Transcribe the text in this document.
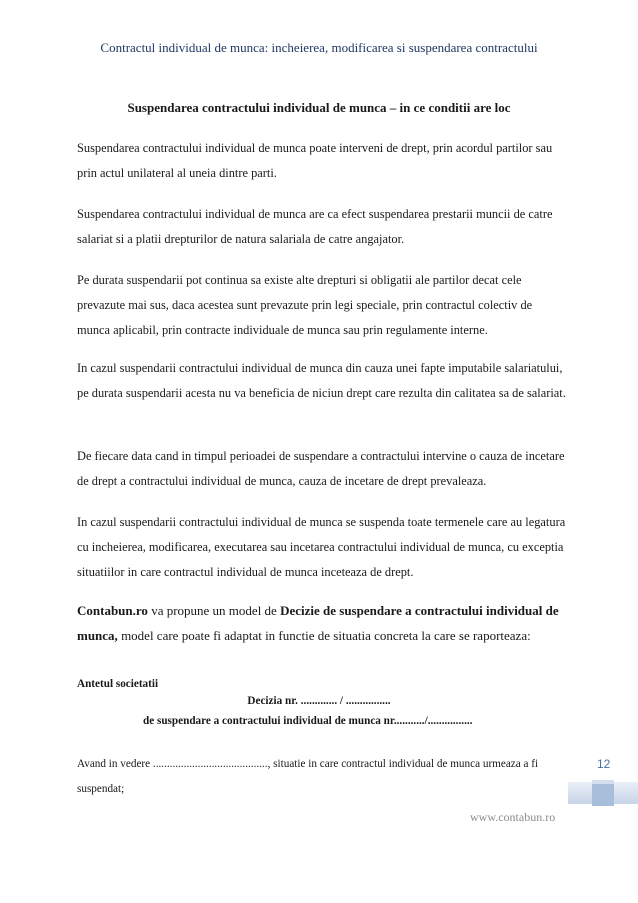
Contractul individual de munca: incheierea, modificarea si suspendarea contractului
Suspendarea contractului individual de munca – in ce conditii are loc
Suspendarea contractului individual de munca poate interveni de drept, prin acordul partilor sau prin actul unilateral al uneia dintre parti.
Suspendarea contractului individual de munca are ca efect suspendarea prestarii muncii de catre salariat si a platii drepturilor de natura salariala de catre angajator.
Pe durata suspendarii pot continua sa existe alte drepturi si obligatii ale partilor decat cele prevazute mai sus, daca acestea sunt prevazute prin legi speciale, prin contractul colectiv de munca aplicabil, prin contracte individuale de munca sau prin regulamente interne.
In cazul suspendarii contractului individual de munca din cauza unei fapte imputabile salariatului, pe durata suspendarii acesta nu va beneficia de niciun drept care rezulta din calitatea sa de salariat.
De fiecare data cand in timpul perioadei de suspendare a contractului intervine o cauza de incetare de drept a contractului individual de munca, cauza de incetare de drept prevaleaza.
In cazul suspendarii contractului individual de munca se suspenda toate termenele care au legatura cu incheierea, modificarea, executarea sau incetarea contractului individual de munca, cu exceptia situatiilor in care contractul individual de munca inceteaza de drept.
Contabun.ro va propune un model de Decizie de suspendare a contractului individual de munca, model care poate fi adaptat in functie de situatia concreta la care se raporteaza:
Antetul societatii
Decizia nr. ............. / ................
de suspendare a contractului individual de munca nr.........../................
Avand in vedere ........................................., situatie in care contractul individual de munca urmeaza a fi suspendat;
12
www.contabun.ro
